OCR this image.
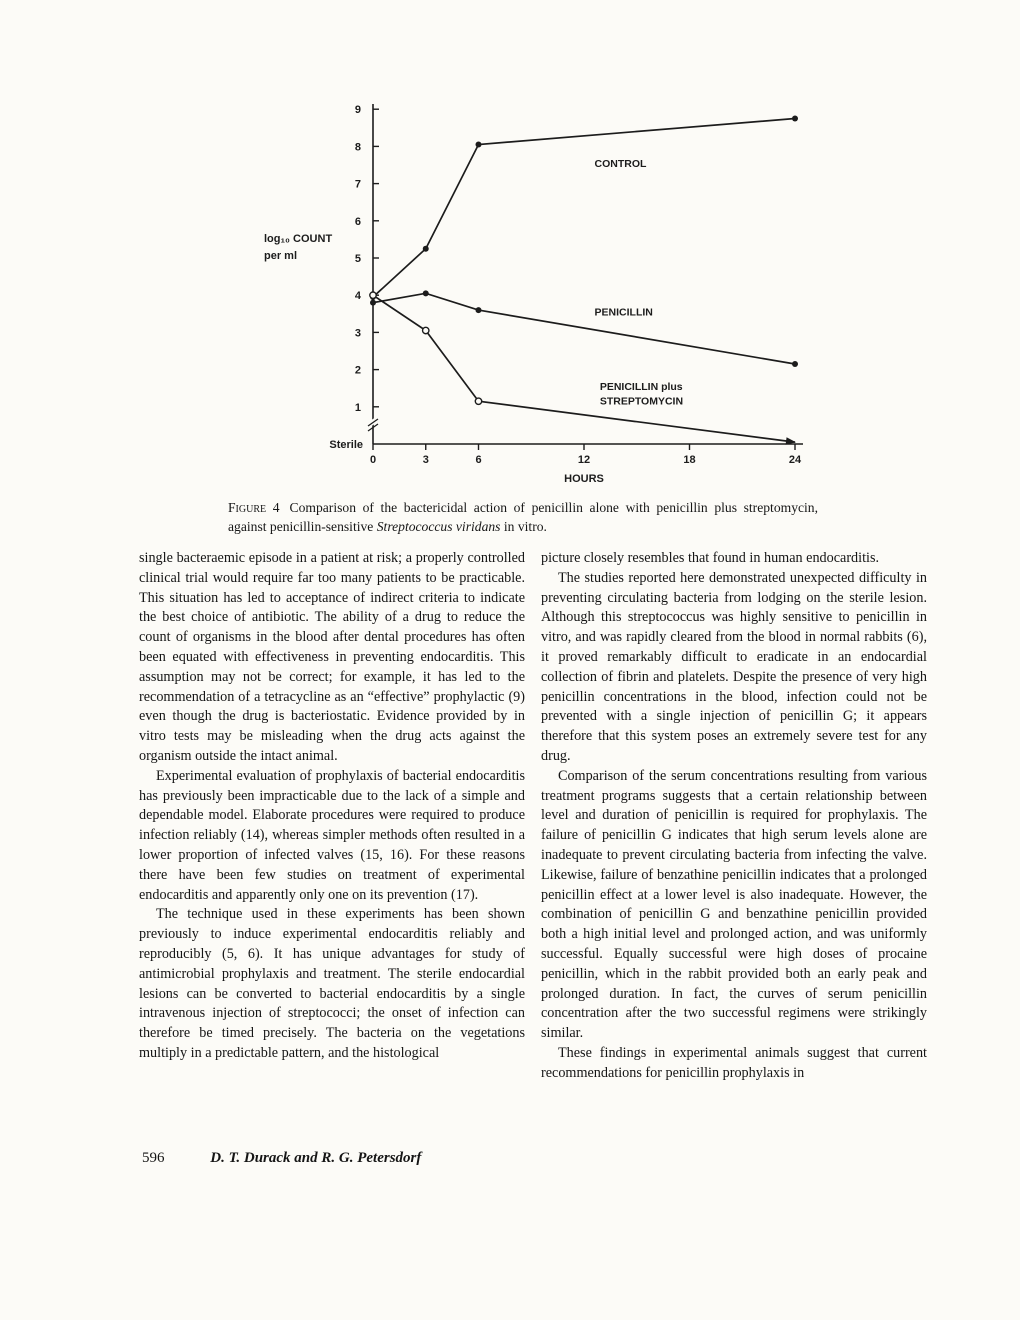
1
2
3
4
5
6
7
8
9
Sterile
0	3	6	12	18	24
HOURS
log₁₀ COUNT
per ml
CONTROL
PENICILLIN
PENICILLIN plus
STREPTOMYCIN
Figure 4 Comparison of the bactericidal action of penicillin alone with penicillin plus streptomycin, against penicillin-sensitive Streptococcus viridans in vitro.

single bacteraemic episode in a patient at risk; a properly controlled clinical trial would require far too many patients to be practicable. This situation has led to acceptance of indirect criteria to indicate the best choice of antibiotic. The ability of a drug to reduce the count of organisms in the blood after dental procedures has often been equated with effectiveness in preventing endocarditis. This assumption may not be correct; for example, it has led to the recommendation of a tetracycline as an “effective” prophylactic (9) even though the drug is bacteriostatic. Evidence provided by in vitro tests may be misleading when the drug acts against the organism outside the intact animal.

Experimental evaluation of prophylaxis of bacterial endocarditis has previously been impracticable due to the lack of a simple and dependable model. Elaborate procedures were required to produce infection reliably (14), whereas simpler methods often resulted in a lower proportion of infected valves (15, 16). For these reasons there have been few studies on treatment of experimental endocarditis and apparently only one on its prevention (17).

The technique used in these experiments has been shown previously to induce experimental endocarditis reliably and reproducibly (5, 6). It has unique advantages for study of antimicrobial prophylaxis and treatment. The sterile endocardial lesions can be converted to bacterial endocarditis by a single intravenous injection of streptococci; the onset of infection can therefore be timed precisely. The bacteria on the vegetations multiply in a predictable pattern, and the histological

picture closely resembles that found in human endocarditis.

The studies reported here demonstrated unexpected difficulty in preventing circulating bacteria from lodging on the sterile lesion. Although this streptococcus was highly sensitive to penicillin in vitro, and was rapidly cleared from the blood in normal rabbits (6), it proved remarkably difficult to eradicate in an endocardial collection of fibrin and platelets. Despite the presence of very high penicillin concentrations in the blood, infection could not be prevented with a single injection of penicillin G; it appears therefore that this system poses an extremely severe test for any drug.

Comparison of the serum concentrations resulting from various treatment programs suggests that a certain relationship between level and duration of penicillin is required for prophylaxis. The failure of penicillin G indicates that high serum levels alone are inadequate to prevent circulating bacteria from infecting the valve. Likewise, failure of benzathine penicillin indicates that a prolonged penicillin effect at a lower level is also inadequate. However, the combination of penicillin G and benzathine penicillin provided both a high initial level and prolonged action, and was uniformly successful. Equally successful were high doses of procaine penicillin, which in the rabbit provided both an early peak and prolonged duration. In fact, the curves of serum penicillin concentration after the two successful regimens were strikingly similar.

These findings in experimental animals suggest that current recommendations for penicillin prophylaxis in

596	D. T. Durack and R. G. Petersdorf
